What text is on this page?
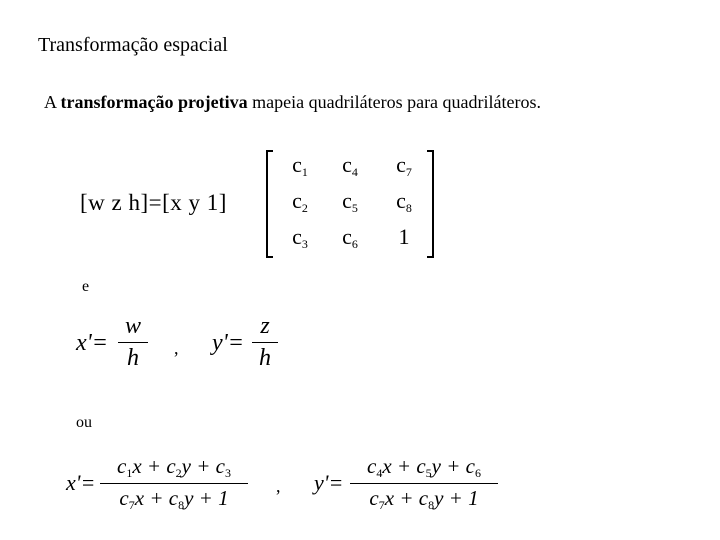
Transformação espacial
A transformação projetiva mapeia quadriláteros para quadriláteros.
[w z h]=[x y 1]
$c_1$	$c_4$	$c_7$
$c_2$	$c_5$	$c_8$
$c_3$	$c_6$	1
e
x'=
w
h , y'=
z
h
ou
x'=
c1x + c2y + c3
c7x + c8y + 1	, y'=
c4x + c5y + c6
c7x + c8y + 1
